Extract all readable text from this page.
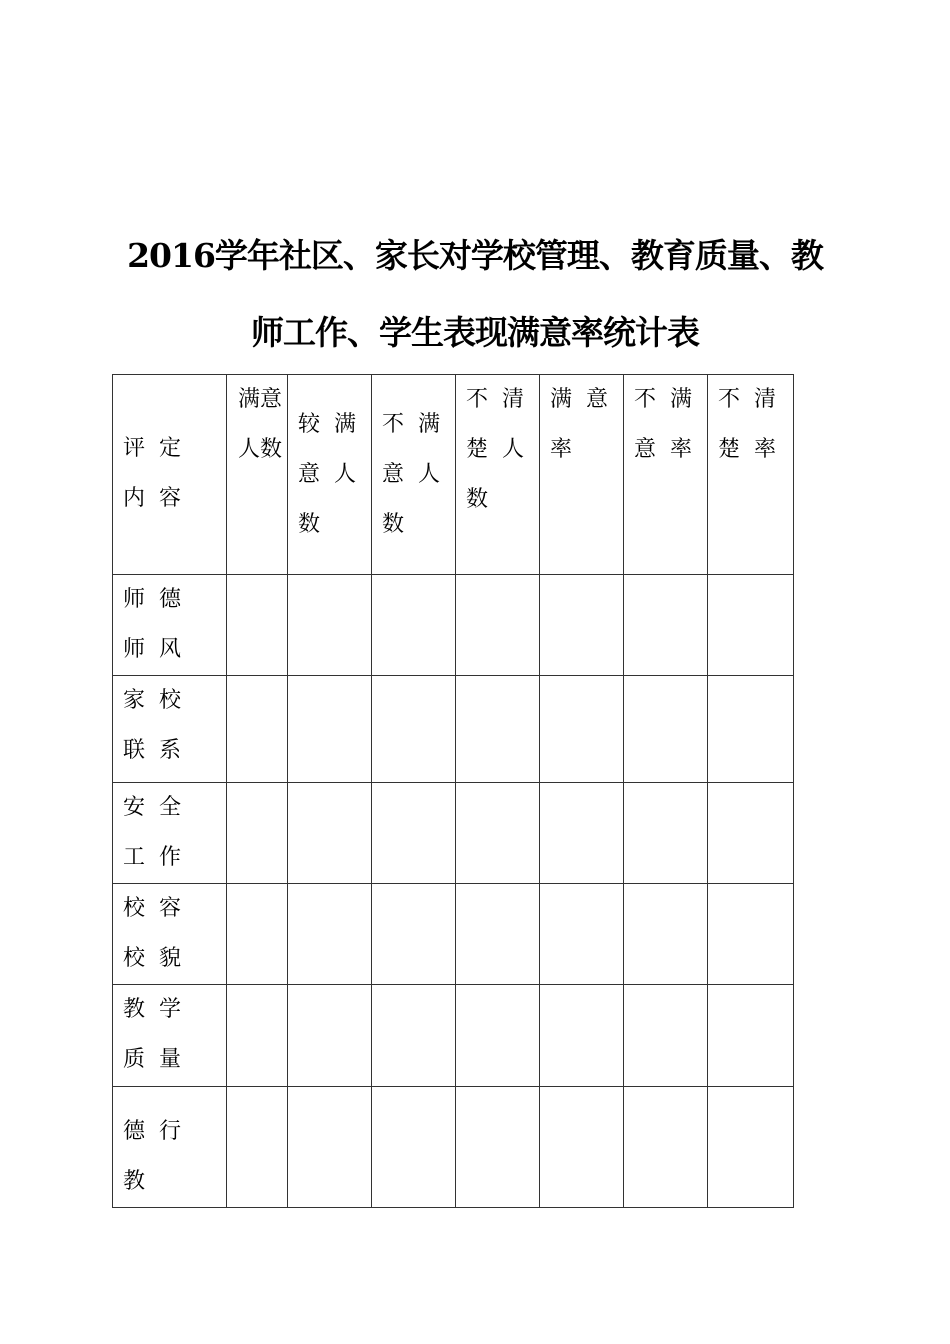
2016学年社区、家长对学校管理、教育质量、教
师工作、学生表现满意率统计表
评定内容	满意人数	较满意人数	不满意人数	不清楚人数	满意率	不满意率	不清楚率

师德师风							

家校联系							

安全工作							

校容校貌							

教学质量							

德行教							
